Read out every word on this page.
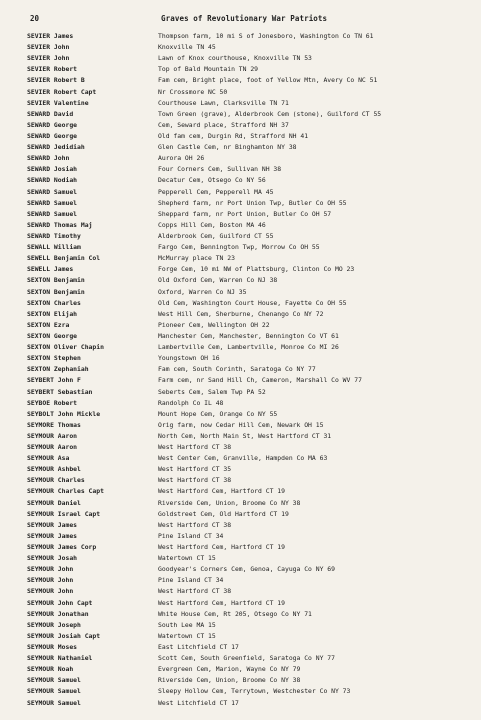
20	Graves of Revolutionary War Patriots
SEVIER James	Thompson farm, 10 mi S of Jonesboro, Washington Co TN 61
SEVIER John	Knoxville TN 45
SEVIER John	Lawn of Knox courthouse, Knoxville TN 53
SEVIER Robert	Top of Bald Mountain TN 29
SEVIER Robert B	Fam cem, Bright place, foot of Yellow Mtn, Avery Co NC 51
SEVIER Robert Capt	Nr Crossmore NC 50
SEVIER Valentine	Courthouse Lawn, Clarksville TN 71
SEWARD David	Town Green (grave), Alderbrook Cem (stone), Guilford CT 55
SEWARD George	Cem, Seward place, Strafford NH 37
SEWARD George	Old fam cem, Durgin Rd, Strafford NH 41
SEWARD Jedidiah	Glen Castle Cem, nr Binghamton NY 38
SEWARD John	Aurora OH 26
SEWARD Josiah	Four Corners Cem, Sullivan NH 38
SEWARD Nodiah	Decatur Cem, Otsego Co NY 56
SEWARD Samuel	Pepperell Cem, Pepperell MA 45
SEWARD Samuel	Shepherd farm, nr Port Union Twp, Butler Co OH 55
SEWARD Samuel	Sheppard farm, nr Port Union, Butler Co OH 57
SEWARD Thomas Maj	Copps Hill Cem, Boston MA 46
SEWARD Timothy	Alderbrook Cem, Guilford CT 55
SEWALL William	Fargo Cem, Bennington Twp, Morrow Co OH 55
SEWELL Benjamin Col	McMurray place TN 23
SEWELL James	Forge Cem, 10 mi NW of Plattsburg, Clinton Co MO 23
SEXTON Benjamin	Old Oxford Cem, Warren Co NJ 38
SEXTON Benjamin	Oxford, Warren Co NJ 35
SEXTON Charles	Old Cem, Washington Court House, Fayette Co OH 55
SEXTON Elijah	West Hill Cem, Sherburne, Chenango Co NY 72
SEXTON Ezra	Pioneer Cem, Wellington OH 22
SEXTON George	Manchester Cem, Manchester, Bennington Co VT 61
SEXTON Oliver Chapin	Lambertville Cem, Lambertville, Monroe Co MI 26
SEXTON Stephen	Youngstown OH 16
SEXTON Zephaniah	Fam cem, South Corinth, Saratoga Co NY 77
SEYBERT John F	Farm cem, nr Sand Hill Ch, Cameron, Marshall Co WV 77
SEYBERT Sebastian	Seberts Cem, Salem Twp PA 52
SEYBOE Robert	Randolph Co IL 48
SEYBOLT John Mickle	Mount Hope Cem, Orange Co NY 55
SEYMORE Thomas	Orig farm, now Cedar Hill Cem, Newark OH 15
SEYMOUR Aaron	North Cem, North Main St, West Hartford CT 31
SEYMOUR Aaron	West Hartford CT 38
SEYMOUR Asa	West Center Cem, Granville, Hampden Co MA 63
SEYMOUR Ashbel	West Hartford CT 35
SEYMOUR Charles	West Hartford CT 38
SEYMOUR Charles Capt	West Hartford Cem, Hartford CT 19
SEYMOUR Daniel	Riverside Cem, Union, Broome Co NY 38
SEYMOUR Israel Capt	Goldstreet Cem, Old Hartford CT 19
SEYMOUR James	West Hartford CT 38
SEYMOUR James	Pine Island CT 34
SEYMOUR James Corp	West Hartford Cem, Hartford CT 19
SEYMOUR Josah	Watertown CT 15
SEYMOUR John	Goodyear's Corners Cem, Genoa, Cayuga Co NY 69
SEYMOUR John	Pine Island CT 34
SEYMOUR John	West Hartford CT 38
SEYMOUR John Capt	West Hartford Cem, Hartford CT 19
SEYMOUR Jonathan	White House Cem, Rt 205, Otsego Co NY 71
SEYMOUR Joseph	South Lee MA 15
SEYMOUR Josiah Capt	Watertown CT 15
SEYMOUR Moses	East Litchfield CT 17
SEYMOUR Nathaniel	Scott Cem, South Greenfield, Saratoga Co NY 77
SEYMOUR Noah	Evergreen Cem, Marion, Wayne Co NY 79
SEYMOUR Samuel	Riverside Cem, Union, Broome Co NY 38
SEYMOUR Samuel	Sleepy Hollow Cem, Terrytown, Westchester Co NY 73
SEYMOUR Samuel	West Litchfield CT 17
